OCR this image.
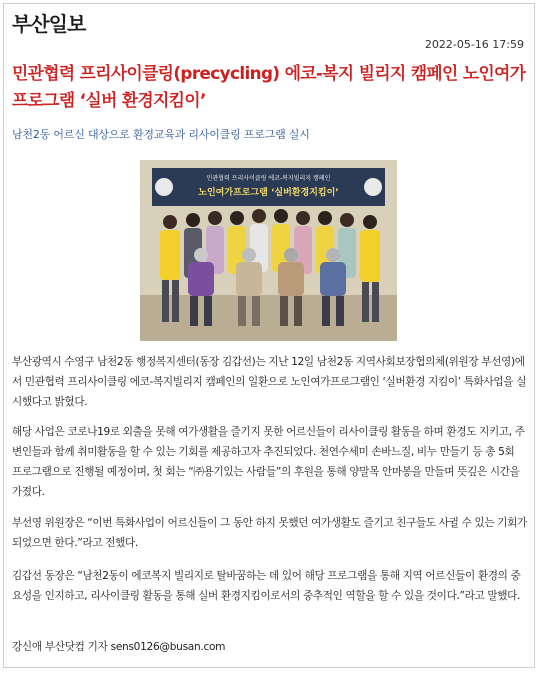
부산일보
2022-05-16 17:59
민관협력 프리사이클링(precycling) 에코-복지 빌리지 캠페인 노인여가프로그램 ‘실버 환경지킴이’
남천2동 어르신 대상으로 환경교육과 리사이클링 프로그램 실시
민관협력 프리사이클링 에코-복지빌리지 캠페인
노인여가프로그램 ‘실버환경지킴이’

부산광역시 수영구 남천2동 행정복지센터(동장 김갑선)는 지난 12일 남천2동 지역사회보장협의체(위원장 부선영)에서 민관협력 프리사이클링 에코-복지빌리지 캠페인의 일환으로 노인여가프로그램인 ‘실버환경 지킴이’ 특화사업을 실시했다고 밝혔다.

해당 사업은 코로나19로 외출을 못해 여가생활을 즐기지 못한 어르신들이 리사이클링 활동을 하며 환경도 지키고, 주변인들과 함께 취미활동을 할 수 있는 기회를 제공하고자 추진되었다. 천연수세미 손바느질, 비누 만들기 등 총 5회 프로그램으로 진행될 예정이며, 첫 회는 “㈜용기있는 사람들”의 후원을 통해 양말목 안마봉을 만들며 뜻깊은 시간을 가졌다.

부선영 위원장은 “이번 특화사업이 어르신들이 그 동안 하지 못했던 여가생활도 즐기고 친구들도 사귈 수 있는 기회가 되었으면 한다.”라고 전했다.

김갑선 동장은 “남천2동이 에코복지 빌리지로 탈바꿈하는 데 있어 해당 프로그램을 통해 지역 어르신들이 환경의 중요성을 인지하고, 리사이클링 활동을 통해 실버 환경지킴이로서의 중추적인 역할을 할 수 있을 것이다.”라고 말했다.

강신애 부산닷컴 기자 sens0126@busan.com
